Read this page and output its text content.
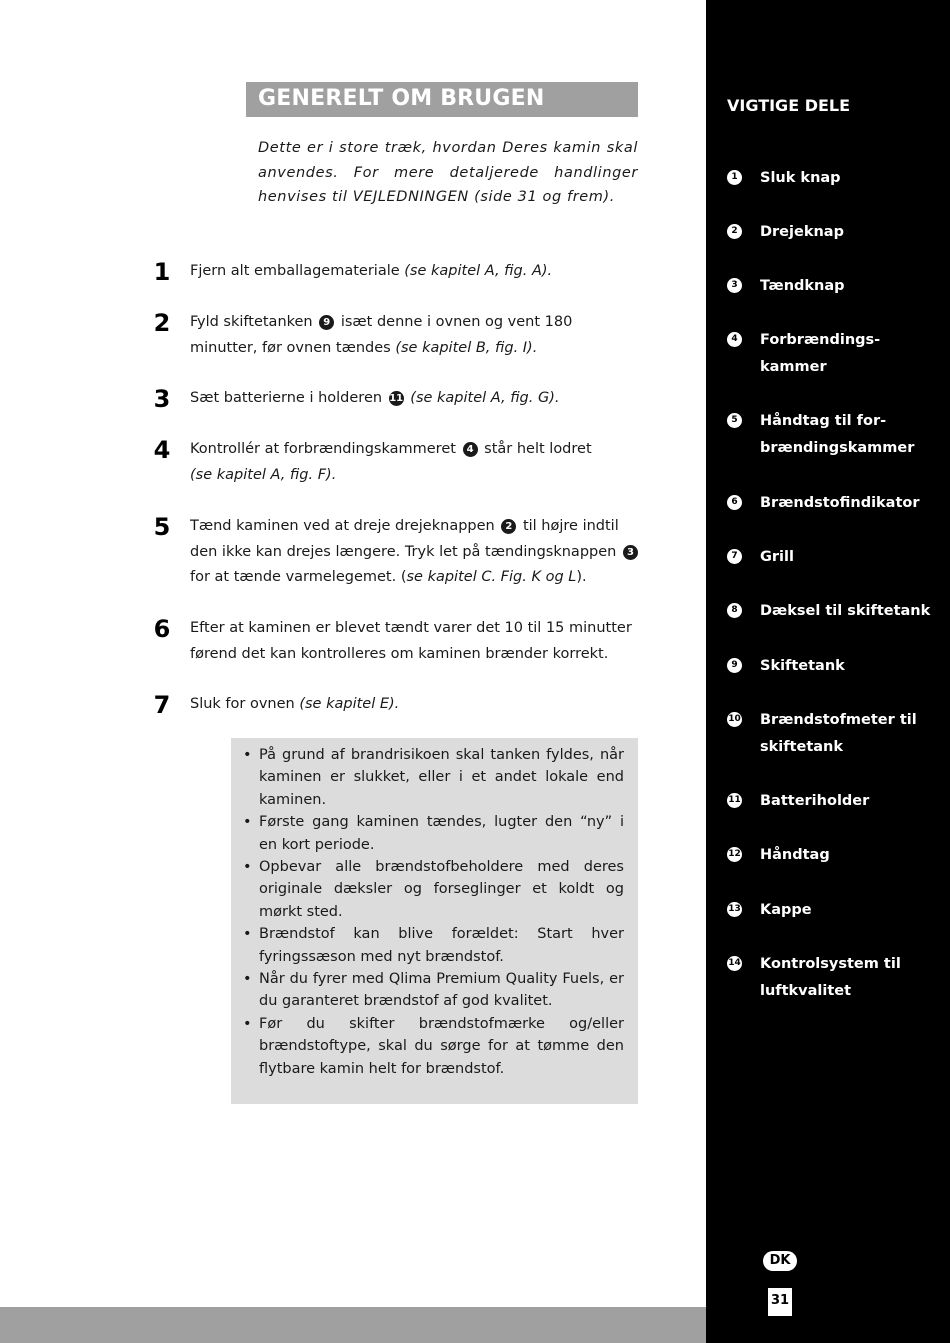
GENERELT OM BRUGEN
Dette er i store træk, hvordan Deres kamin skal anvendes. For mere detaljerede handlinger henvises til VEJLEDNINGEN (side 31 og frem).
1 Fjern alt emballagemateriale (se kapitel A, fig. A).
2 Fyld skiftetanken 9 isæt denne i ovnen og vent 180 minutter, før ovnen tændes (se kapitel B, fig. I).
3 Sæt batterierne i holderen 11 (se kapitel A, fig. G).
4 Kontrollér at forbrændingskammeret 4 står helt lodret
(se kapitel A, fig. F).
5 Tænd kaminen ved at dreje drejeknappen 2 til højre indtil den ikke kan drejes længere. Tryk let på tændingsknappen 3 for at tænde varmelegemet. (se kapitel C. Fig. K og L).
6 Efter at kaminen er blevet tændt varer det 10 til 15 minutter førend det kan kontrolleres om kaminen brænder korrekt.
7 Sluk for ovnen (se kapitel E).
• På grund af brandrisikoen skal tanken fyldes, når kaminen er slukket, eller i et andet lokale end kaminen.
• Første gang kaminen tændes, lugter den “ny” i en kort periode.
• Opbevar alle brændstofbeholdere med deres originale dæksler og forseglinger et koldt og mørkt sted.
• Brændstof kan blive forældet: Start hver fyringssæson med nyt brændstof.
• Når du fyrer med Qlima Premium Quality Fuels, er du garanteret brændstof af god kvalitet.
• Før du skifter brændstofmærke og/eller brændstoftype, skal du sørge for at tømme den flytbare kamin helt for brændstof.
VIGTIGE DELE
1	Sluk knap
2	Drejeknap
3	Tændknap
4	Forbrændings-
kammer
5	Håndtag til for-
brændingskammer
6	Brændstofindikator
7	Grill
8	Dæksel til skiftetank
9	Skiftetank
10 Brændstofmeter til
skiftetank
11 Batteriholder
12 Håndtag
13 Kappe
14 Kontrolsystem til
luftkvalitet
DK
31
